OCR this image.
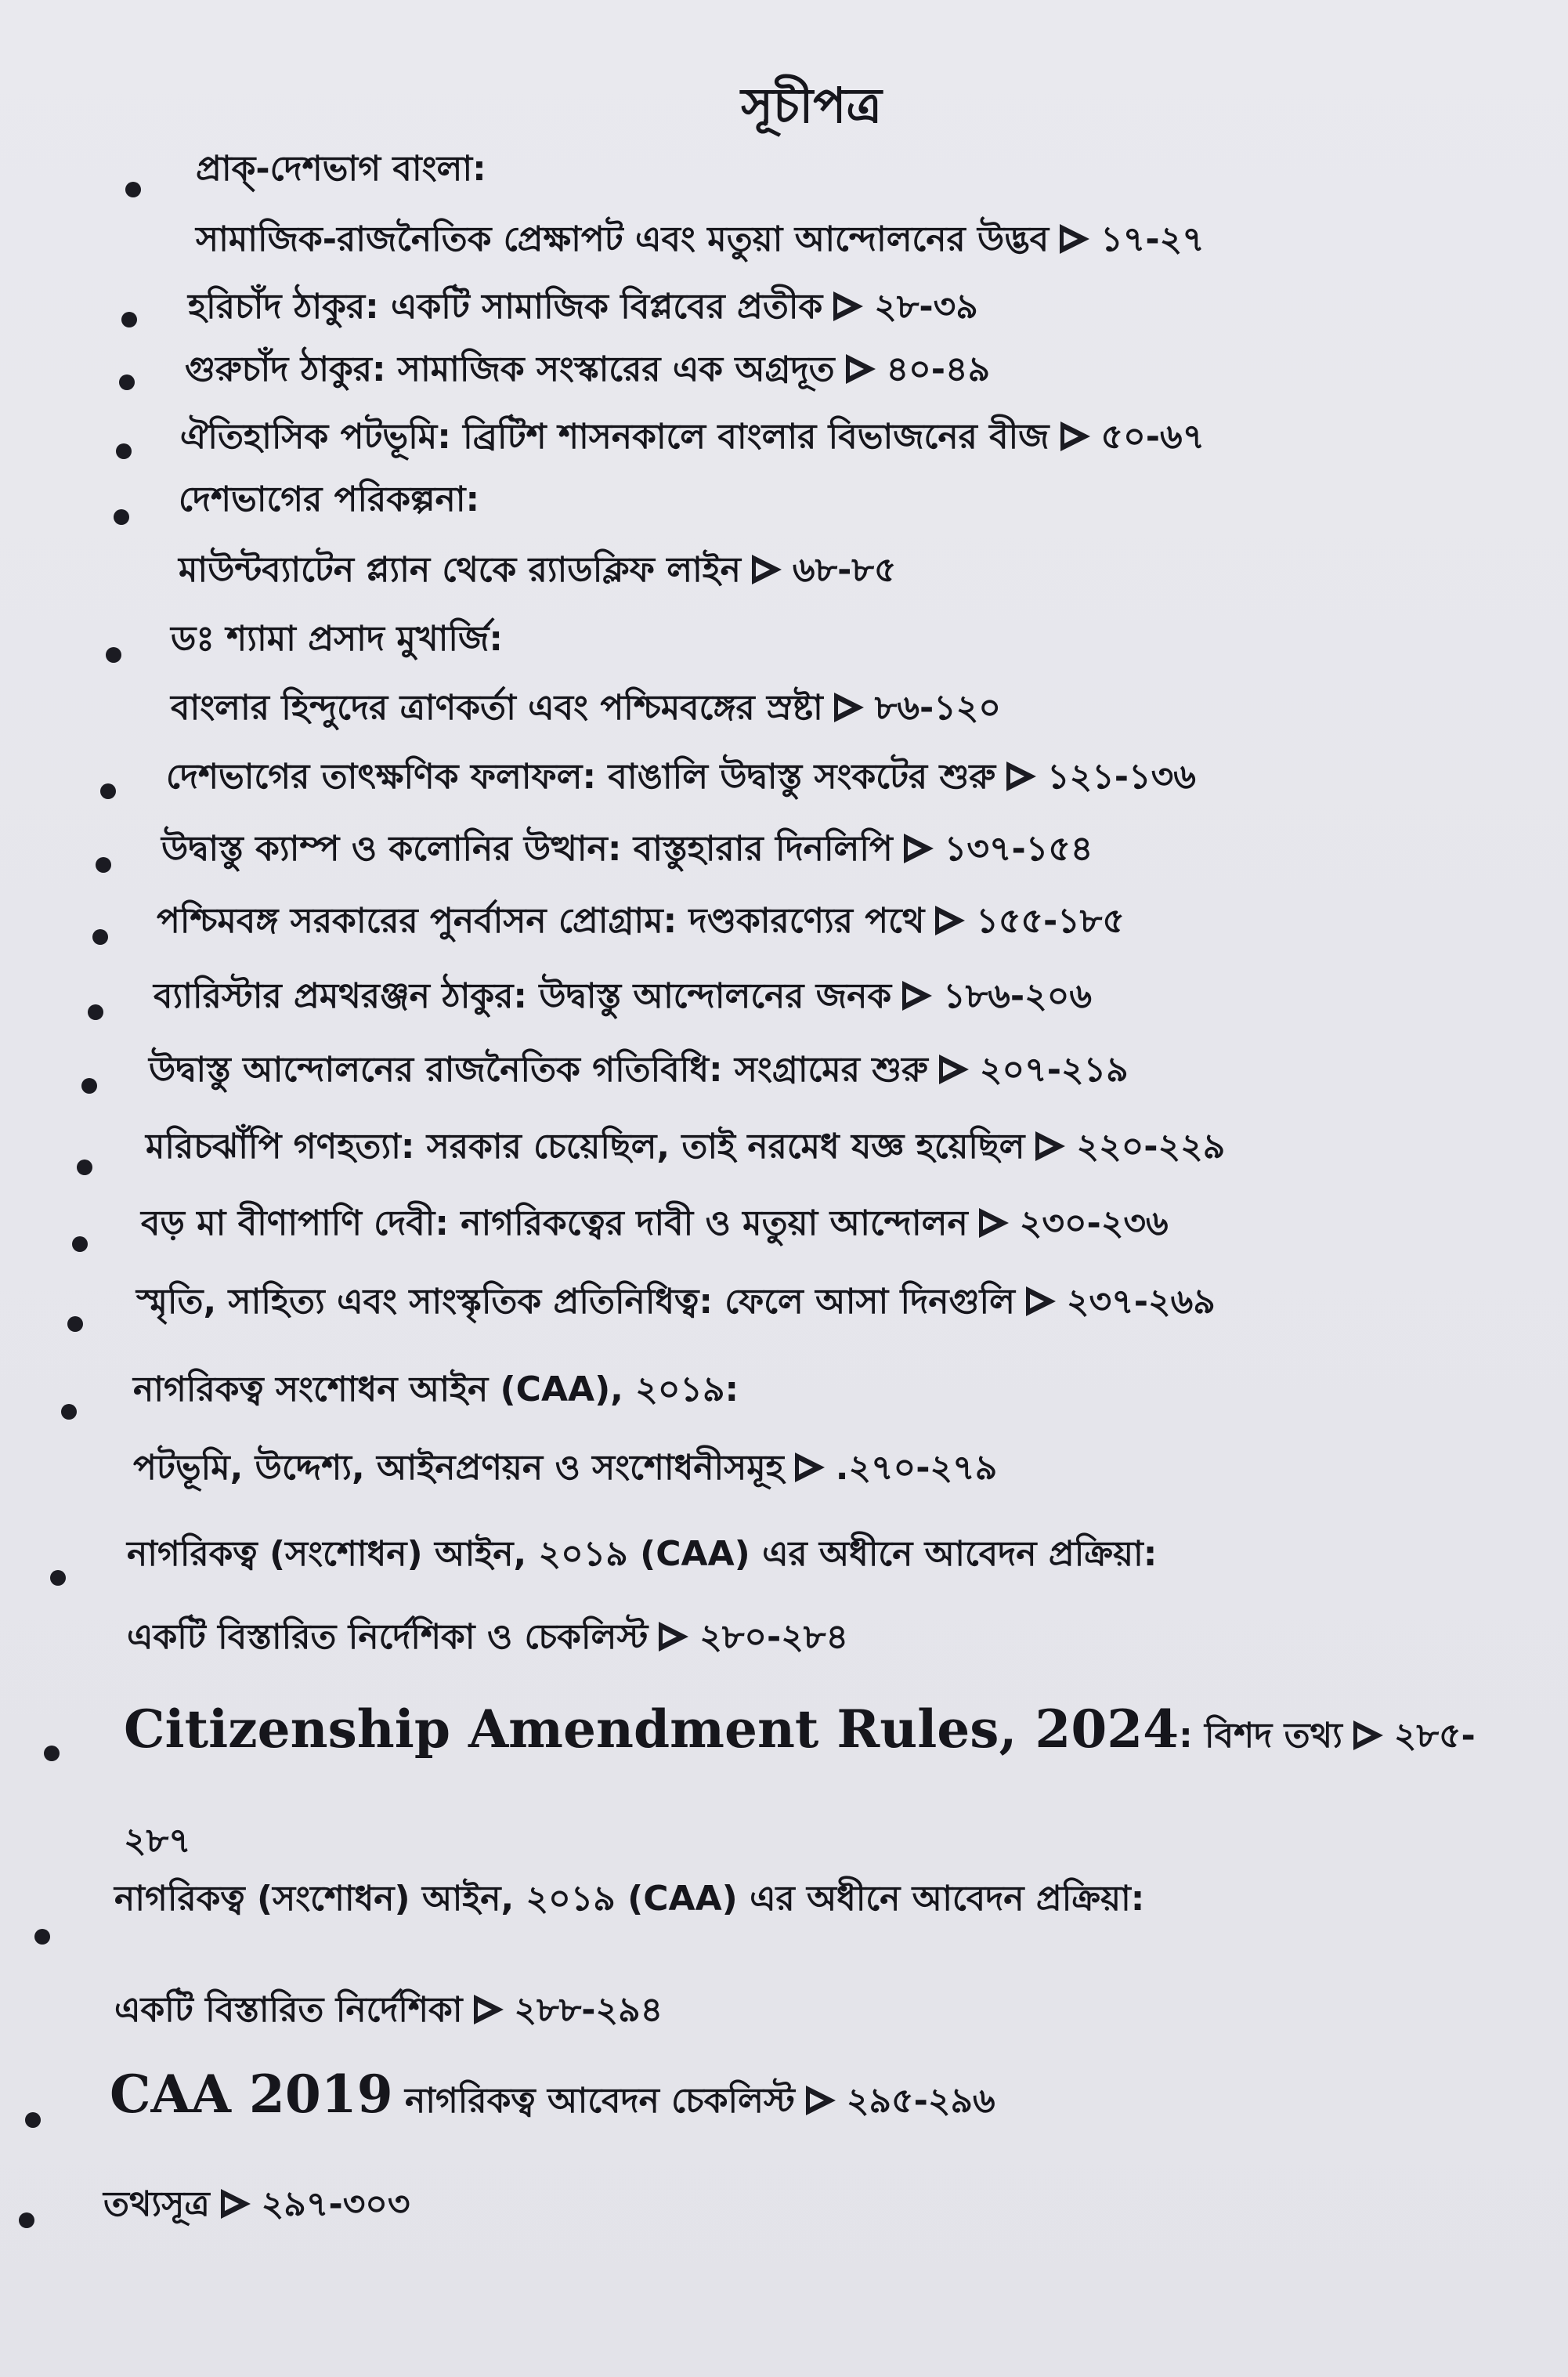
সূচীপত্র
প্রাক্-দেশভাগ বাংলা:
সামাজিক-রাজনৈতিক প্রেক্ষাপট এবং মতুয়া আন্দোলনের উদ্ভব ১৭-২৭
হরিচাঁদ ঠাকুর: একটি সামাজিক বিপ্লবের প্রতীক ২৮-৩৯
গুরুচাঁদ ঠাকুর: সামাজিক সংস্কারের এক অগ্রদূত ৪০-৪৯
ঐতিহাসিক পটভূমি: ব্রিটিশ শাসনকালে বাংলার বিভাজনের বীজ ৫০-৬৭
দেশভাগের পরিকল্পনা:
মাউন্টব্যাটেন প্ল্যান থেকে র‍্যাডক্লিফ লাইন ৬৮-৮৫
ডঃ শ্যামা প্রসাদ মুখার্জি:
বাংলার হিন্দুদের ত্রাণকর্তা এবং পশ্চিমবঙ্গের স্রষ্টা ৮৬-১২০
দেশভাগের তাৎক্ষণিক ফলাফল: বাঙালি উদ্বাস্তু সংকটের শুরু ১২১-১৩৬
উদ্বাস্তু ক্যাম্প ও কলোনির উত্থান: বাস্তুহারার দিনলিপি ১৩৭-১৫৪
পশ্চিমবঙ্গ সরকারের পুনর্বাসন প্রোগ্রাম: দণ্ডকারণ্যের পথে ১৫৫-১৮৫
ব্যারিস্টার প্রমথরঞ্জন ঠাকুর: উদ্বাস্তু আন্দোলনের জনক ১৮৬-২০৬
উদ্বাস্তু আন্দোলনের রাজনৈতিক গতিবিধি: সংগ্রামের শুরু ২০৭-২১৯
মরিচঝাঁপি গণহত্যা: সরকার চেয়েছিল, তাই নরমেধ যজ্ঞ হয়েছিল ২২০-২২৯
বড় মা বীণাপাণি দেবী: নাগরিকত্বের দাবী ও মতুয়া আন্দোলন ২৩০-২৩৬
স্মৃতি, সাহিত্য এবং সাংস্কৃতিক প্রতিনিধিত্ব: ফেলে আসা দিনগুলি ২৩৭-২৬৯
নাগরিকত্ব সংশোধন আইন (CAA), ২০১৯:
পটভূমি, উদ্দেশ্য, আইনপ্রণয়ন ও সংশোধনীসমূহ .২৭০-২৭৯
নাগরিকত্ব (সংশোধন) আইন, ২০১৯ (CAA) এর অধীনে আবেদন প্রক্রিয়া:
একটি বিস্তারিত নির্দেশিকা ও চেকলিস্ট ২৮০-২৮৪
Citizenship Amendment Rules, 2024: বিশদ তথ্য ২৮৫-
২৮৭
নাগরিকত্ব (সংশোধন) আইন, ২০১৯ (CAA) এর অধীনে আবেদন প্রক্রিয়া:
একটি বিস্তারিত নির্দেশিকা ২৮৮-২৯৪
CAA 2019 নাগরিকত্ব আবেদন চেকলিস্ট ২৯৫-২৯৬
তথ্যসূত্র ২৯৭-৩০৩
